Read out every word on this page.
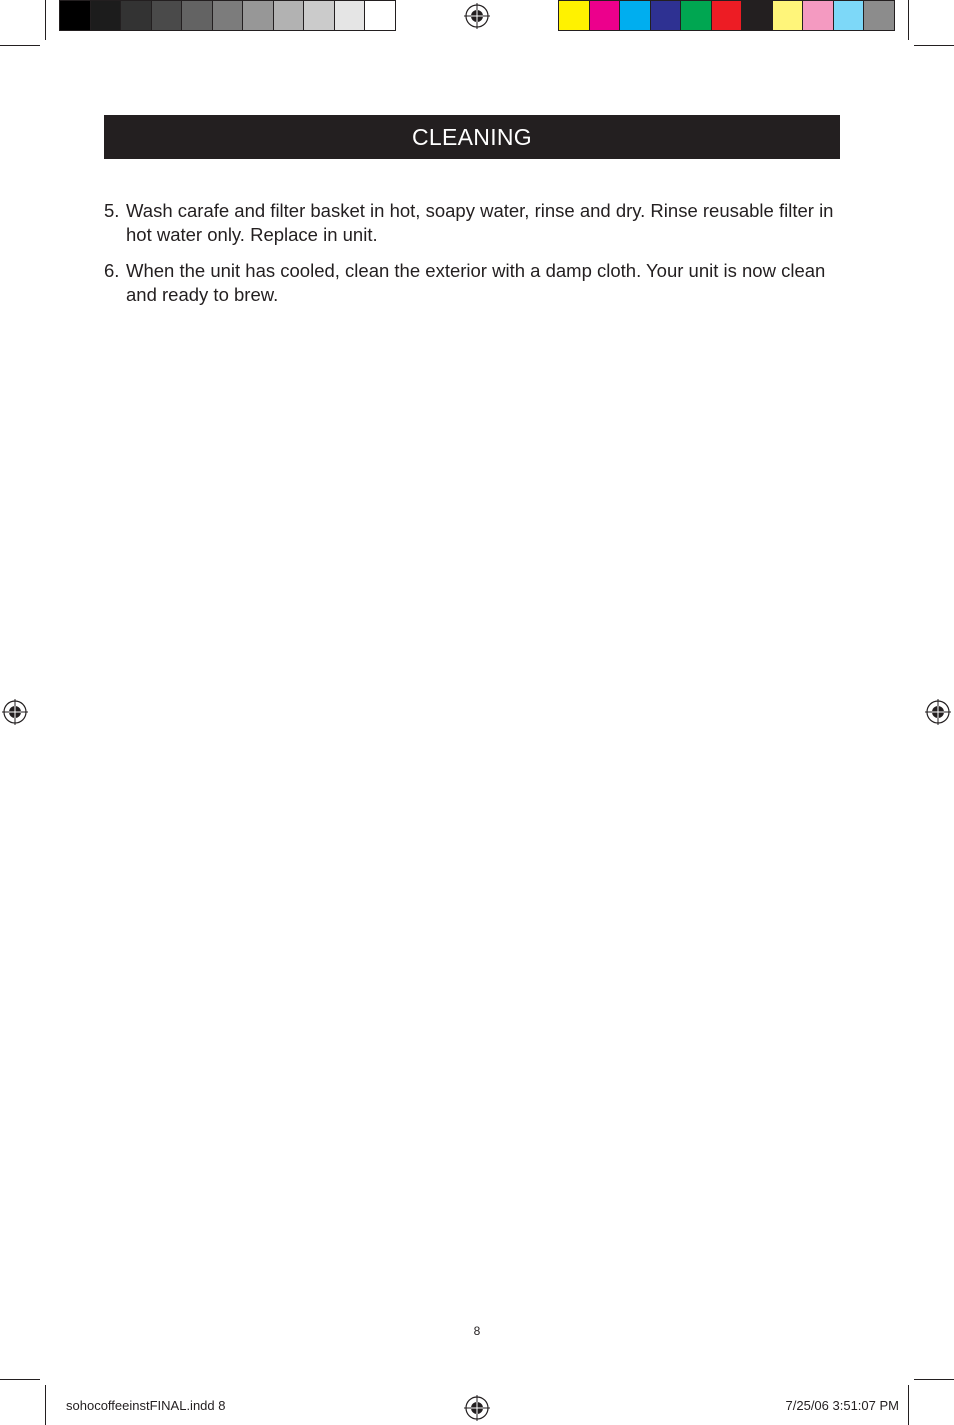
CLEANING
5. Wash carafe and filter basket in hot, soapy water, rinse and dry. Rinse reusable filter in hot water only. Replace in unit.
6. When the unit has cooled, clean the exterior with a damp cloth. Your unit is now clean and ready to brew.
8
sohocoffeeinstFINAL.indd 8	7/25/06 3:51:07 PM
